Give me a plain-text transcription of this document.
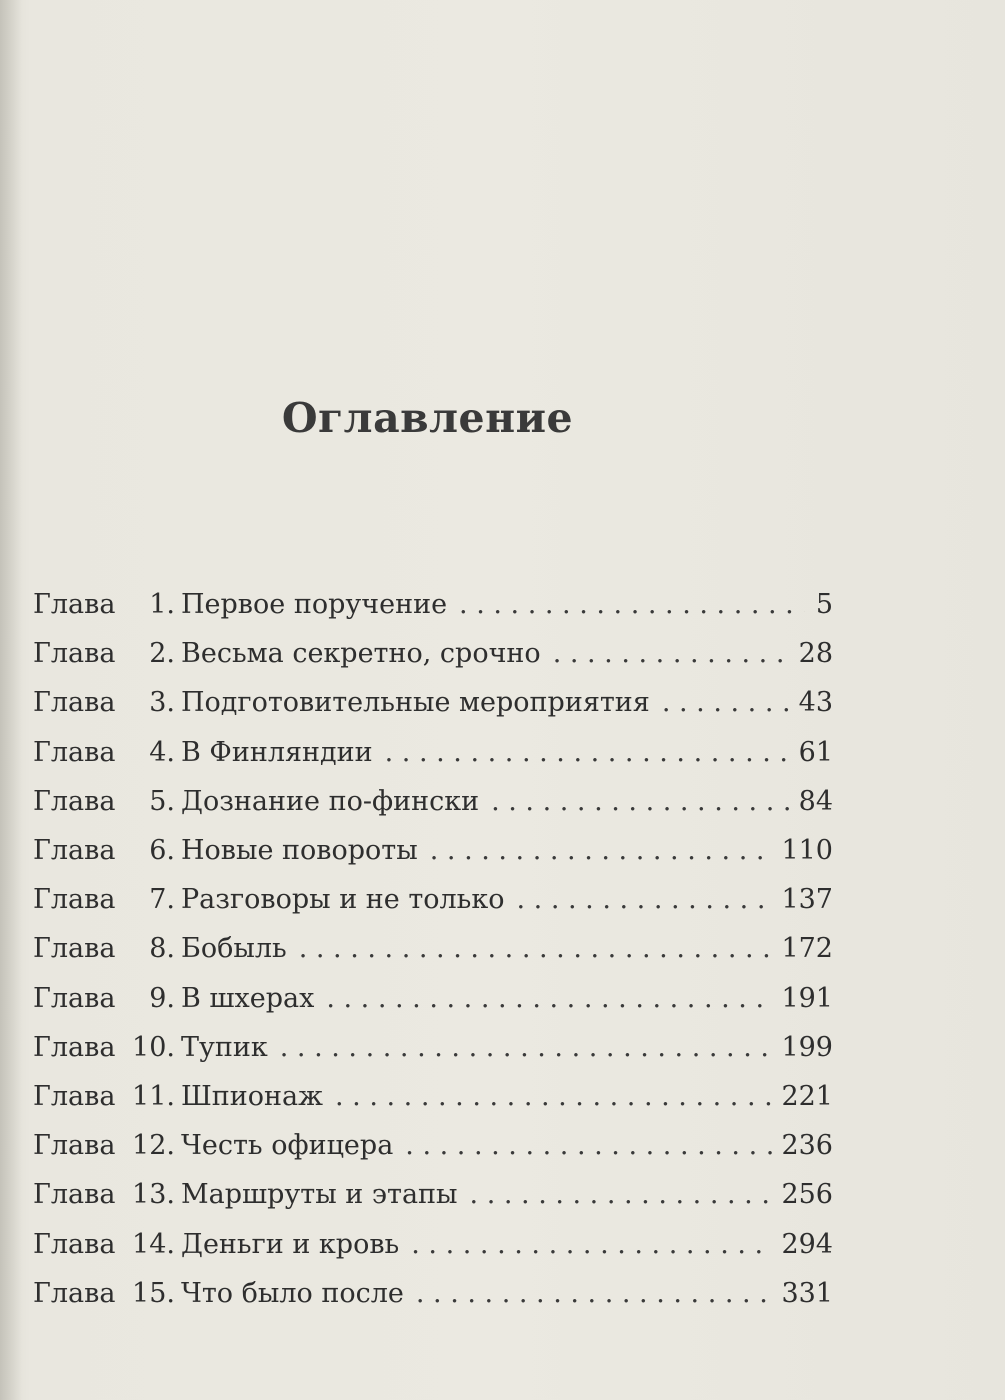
Оглавление
Глава	1. Первое поручение . . .	5
Глава	2. Весьма секретно, срочно . . .	28
Глава	3. Подготовительные мероприятия . . .	43
Глава	4. В Финляндии . . .	61
Глава	5. Дознание по-фински . . .	84
Глава	6. Новые повороты . . .	110
Глава	7. Разговоры и не только . . .	137
Глава	8. Бобыль . . .	172
Глава	9. В шхерах . . .	191
Глава 10. Тупик . . .	199
Глава 11. Шпионаж . . .	221
Глава 12. Честь офицера . . .	236
Глава 13. Маршруты и этапы . . .	256
Глава 14. Деньги и кровь . . .	294
Глава 15. Что было после . . .	331
